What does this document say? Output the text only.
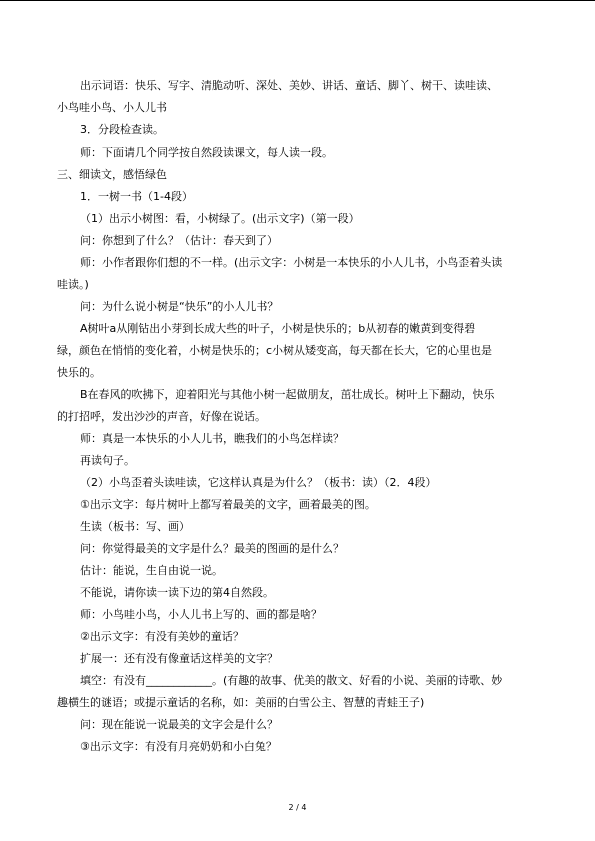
出示词语：快乐、写字、清脆动听、深处、美妙、讲话、童话、脚丫、树干、读哇读、
小鸟哇小鸟、小人儿书
3．分段检查读。
师：下面请几个同学按自然段读课文，每人读一段。
三、细读文，感悟绿色
1．一树一书（1-4段）
（1）出示小树图：看，小树绿了。(出示文字)（第一段）
问：你想到了什么？（估计：春天到了）
师：小作者跟你们想的不一样。(出示文字：小树是一本快乐的小人儿书，小鸟歪着头读
哇读。)
问：为什么说小树是“快乐”的小人儿书？
A树叶a从刚钻出小芽到长成大些的叶子，小树是快乐的；b从初春的嫩黄到变得碧
绿，颜色在悄悄的变化着，小树是快乐的；c小树从矮变高，每天都在长大，它的心里也是
快乐的。
B在春风的吹拂下，迎着阳光与其他小树一起做朋友，茁壮成长。树叶上下翻动，快乐
的打招呼，发出沙沙的声音，好像在说话。
师：真是一本快乐的小人儿书，瞧我们的小鸟怎样读？
再读句子。
（2）小鸟歪着头读哇读，它这样认真是为什么？（板书：读）（2．4段）
①出示文字：每片树叶上都写着最美的文字，画着最美的图。
生读（板书：写、画）
问：你觉得最美的文字是什么？最美的图画的是什么？
估计：能说，生自由说一说。
不能说，请你读一读下边的第4自然段。
师：小鸟哇小鸟，小人儿书上写的、画的都是啥？
②出示文字：有没有美妙的童话？
扩展一：还有没有像童话这样美的文字？
填空：有没有____________。(有趣的故事、优美的散文、好看的小说、美丽的诗歌、妙
趣横生的谜语；或提示童话的名称，如：美丽的白雪公主、智慧的青蛙王子)
问：现在能说一说最美的文字会是什么？
③出示文字：有没有月亮奶奶和小白兔？
2 / 4
